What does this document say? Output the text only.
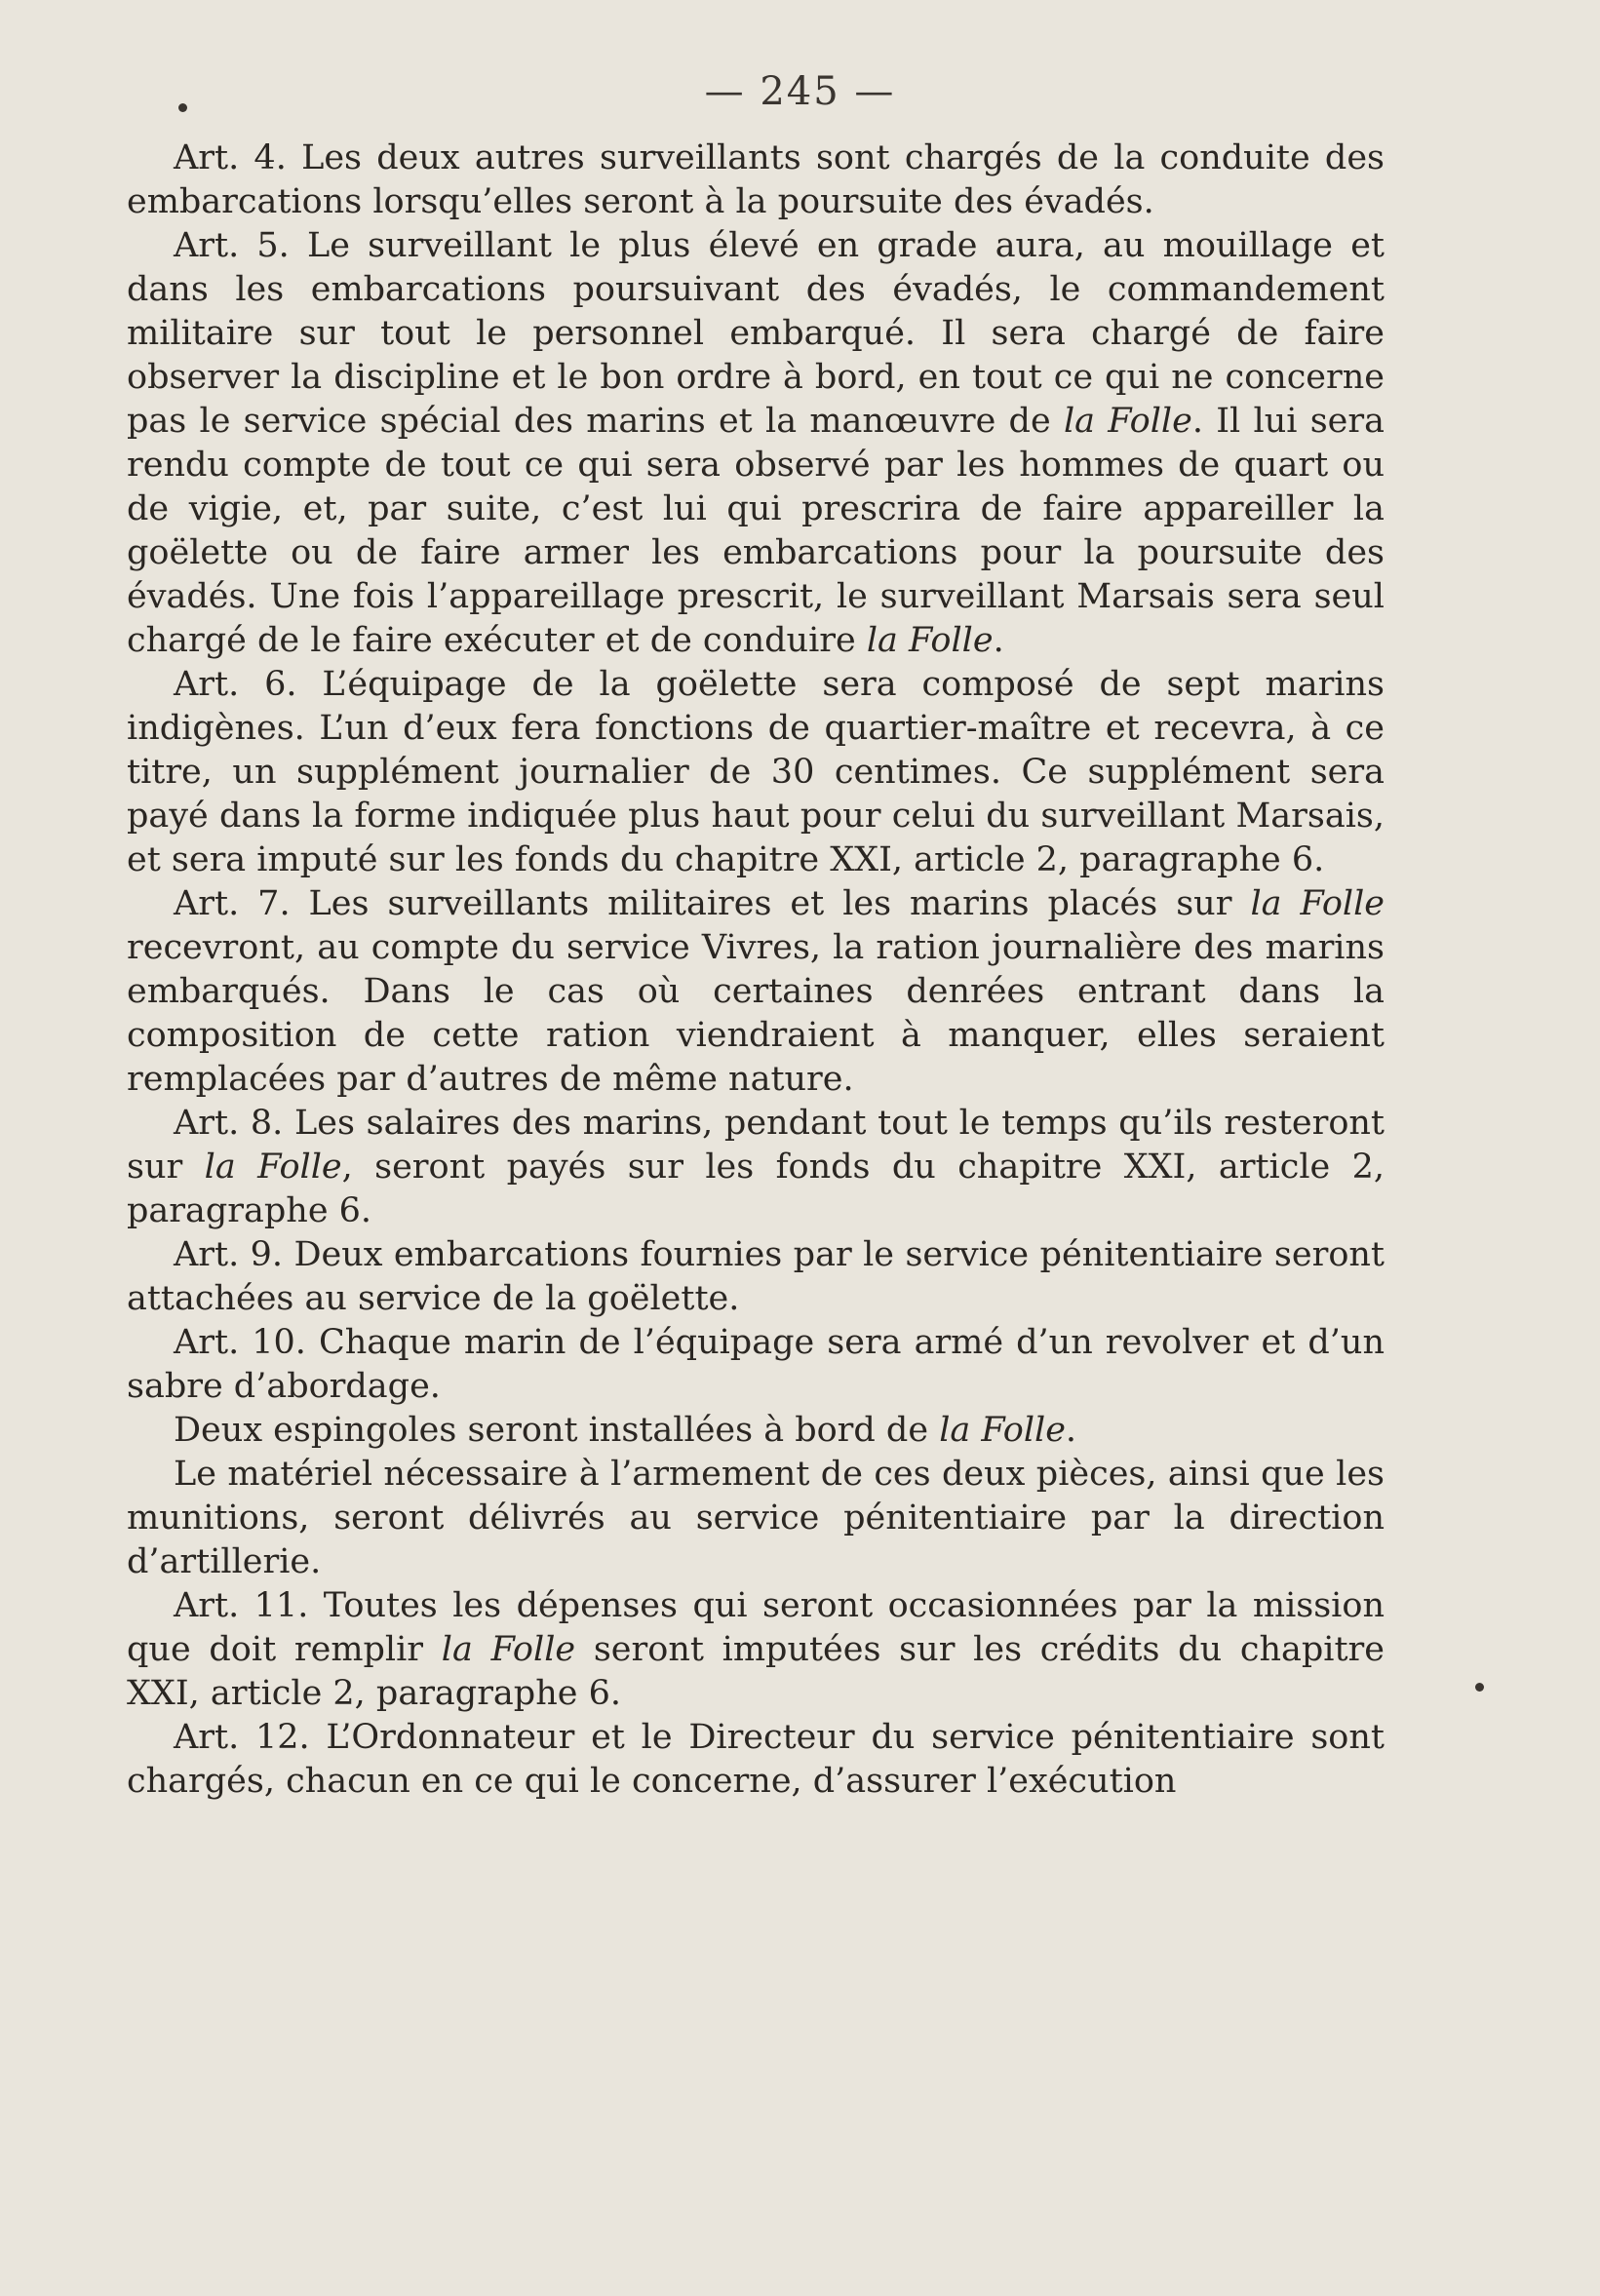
— 245 —

Art. 4. Les deux autres surveillants sont chargés de la conduite des embarcations lorsqu’elles seront à la poursuite des évadés.

Art. 5. Le surveillant le plus élevé en grade aura, au mouillage et dans les embarcations poursuivant des évadés, le commandement militaire sur tout le personnel embarqué. Il sera chargé de faire observer la discipline et le bon ordre à bord, en tout ce qui ne concerne pas le service spécial des marins et la manœuvre de la Folle. Il lui sera rendu compte de tout ce qui sera observé par les hommes de quart ou de vigie, et, par suite, c’est lui qui prescrira de faire appareiller la goëlette ou de faire armer les embarcations pour la poursuite des évadés. Une fois l’appareillage prescrit, le surveillant Marsais sera seul chargé de le faire exécuter et de conduire la Folle.

Art. 6. L’équipage de la goëlette sera composé de sept marins indigènes. L’un d’eux fera fonctions de quartier-maître et recevra, à ce titre, un supplément journalier de 30 centimes. Ce supplément sera payé dans la forme indiquée plus haut pour celui du surveillant Marsais, et sera imputé sur les fonds du chapitre XXI, article 2, paragraphe 6.

Art. 7. Les surveillants militaires et les marins placés sur la Folle recevront, au compte du service Vivres, la ration journalière des marins embarqués. Dans le cas où certaines denrées entrant dans la composition de cette ration viendraient à manquer, elles seraient remplacées par d’autres de même nature.

Art. 8. Les salaires des marins, pendant tout le temps qu’ils resteront sur la Folle, seront payés sur les fonds du chapitre XXI, article 2, paragraphe 6.

Art. 9. Deux embarcations fournies par le service pénitentiaire seront attachées au service de la goëlette.

Art. 10. Chaque marin de l’équipage sera armé d’un revolver et d’un sabre d’abordage.

Deux espingoles seront installées à bord de la Folle.

Le matériel nécessaire à l’armement de ces deux pièces, ainsi que les munitions, seront délivrés au service pénitentiaire par la direction d’artillerie.

Art. 11. Toutes les dépenses qui seront occasionnées par la mission que doit remplir la Folle seront imputées sur les crédits du chapitre XXI, article 2, paragraphe 6.

Art. 12. L’Ordonnateur et le Directeur du service pénitentiaire sont chargés, chacun en ce qui le concerne, d’assurer l’exécution
